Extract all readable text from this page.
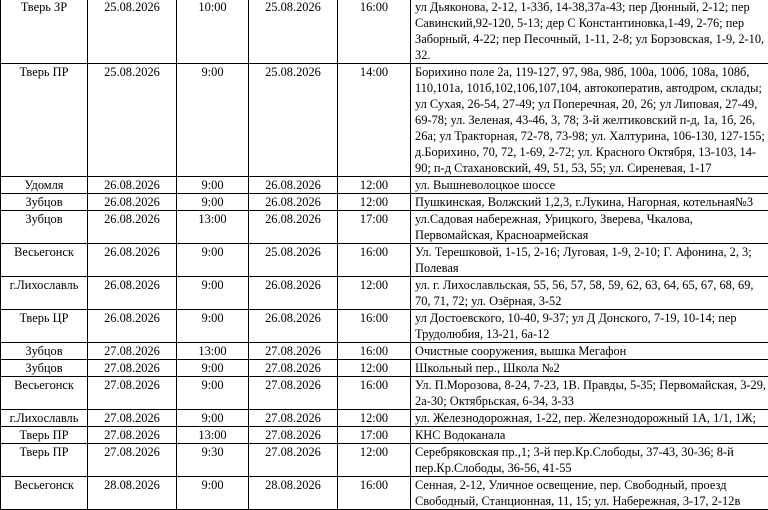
Тверь ЗР	25.08.2026	10:00	25.08.2026	16:00	ул Дьяконова, 2-12, 1-33б, 14-38,37а-43; пер Дюнный, 2-12; пер Савинский,92-120, 5-13; дер С Константиновка,1-49, 2-76; пер Заборный, 4-22; пер Песочный, 1-11, 2-8; ул Борзовская, 1-9, 2-10, 32.
Тверь ПР	25.08.2026	9:00	25.08.2026	14:00	Борихино поле 2а, 119-127, 97, 98а, 98б, 100а, 100б, 108а, 108б, 110,101а, 101б,102,106,107,104, автокоператив, автодром, склады; ул Сухая, 26-54, 27-49; ул Поперечная, 20, 26; ул Липовая, 27-49, 69-78; ул. Зеленая, 43-46, 3, 78; 3-й желтиковский п-д, 1а, 1б, 26, 26а; ул Тракторная, 72-78, 73-98; ул. Халтурина, 106-130, 127-155; д.Борихино, 70, 72, 1-69, 2-72; ул. Красного Октября, 13-103, 14-90; п-д Стахановский, 49, 51, 53, 55; ул. Сиреневая, 1-17
Удомля	26.08.2026	9:00	26.08.2026	12:00	ул. Вышневолоцкое шоссе
Зубцов	26.08.2026	9:00	26.08.2026	12:00	Пушкинская, Волжский 1,2,3, г.Лукина, Нагорная, котельная№3
Зубцов	26.08.2026	13:00	26.08.2026	17:00	ул.Садовая набережная, Урицкого, Зверева, Чкалова, Первомайская, Красноармейская
Весьегонск	26.08.2026	9:00	25.08.2026	16:00	Ул. Терешковой, 1-15, 2-16; Луговая, 1-9, 2-10; Г. Афонина, 2, 3; Полевая
г.Лихославль	26.08.2026	9:00	26.08.2026	12:00	ул. г. Лихославльская, 55, 56, 57, 58, 59, 62, 63, 64, 65, 67, 68, 69, 70, 71, 72; ул. Озёрная, 3-52
Тверь ЦР	26.08.2026	9:00	26.08.2026	16:00	ул Достоевского, 10-40, 9-37; ул Д Донского, 7-19, 10-14; пер Трудолюбия, 13-21, 6а-12
Зубцов	27.08.2026	13:00	27.08.2026	16:00	Очистные сооружения, вышка Мегафон
Зубцов	27.08.2026	9:00	27.08.2026	12:00	Школьный пер., Школа №2
Весьегонск	27.08.2026	9:00	27.08.2026	16:00	Ул. П.Морозова, 8-24, 7-23, 1В. Правды, 5-35; Первомайская, 3-29, 2а-30; Октябрьская, 6-34, 3-33
г.Лихославль	27.08.2026	9:00	27.08.2026	12:00	ул. Железнодорожная, 1-22, пер. Железнодорожный 1А, 1/1, 1Ж;
Тверь ПР	27.08.2026	13:00	27.08.2026	17:00	КНС Водоканала
Тверь ПР	27.08.2026	9:30	27.08.2026	12:00	Серебряковская пр.,1; 3-й пер.Кр.Слободы, 37-43, 30-36; 8-й пер.Кр.Слободы, 36-56, 41-55
Весьегонск	28.08.2026	9:00	28.08.2026	16:00	Сенная, 2-12, Уличное освещение, пер. Свободный, проезд Свободный, Станционная, 11, 15; ул. Набережная, 3-17, 2-12в
